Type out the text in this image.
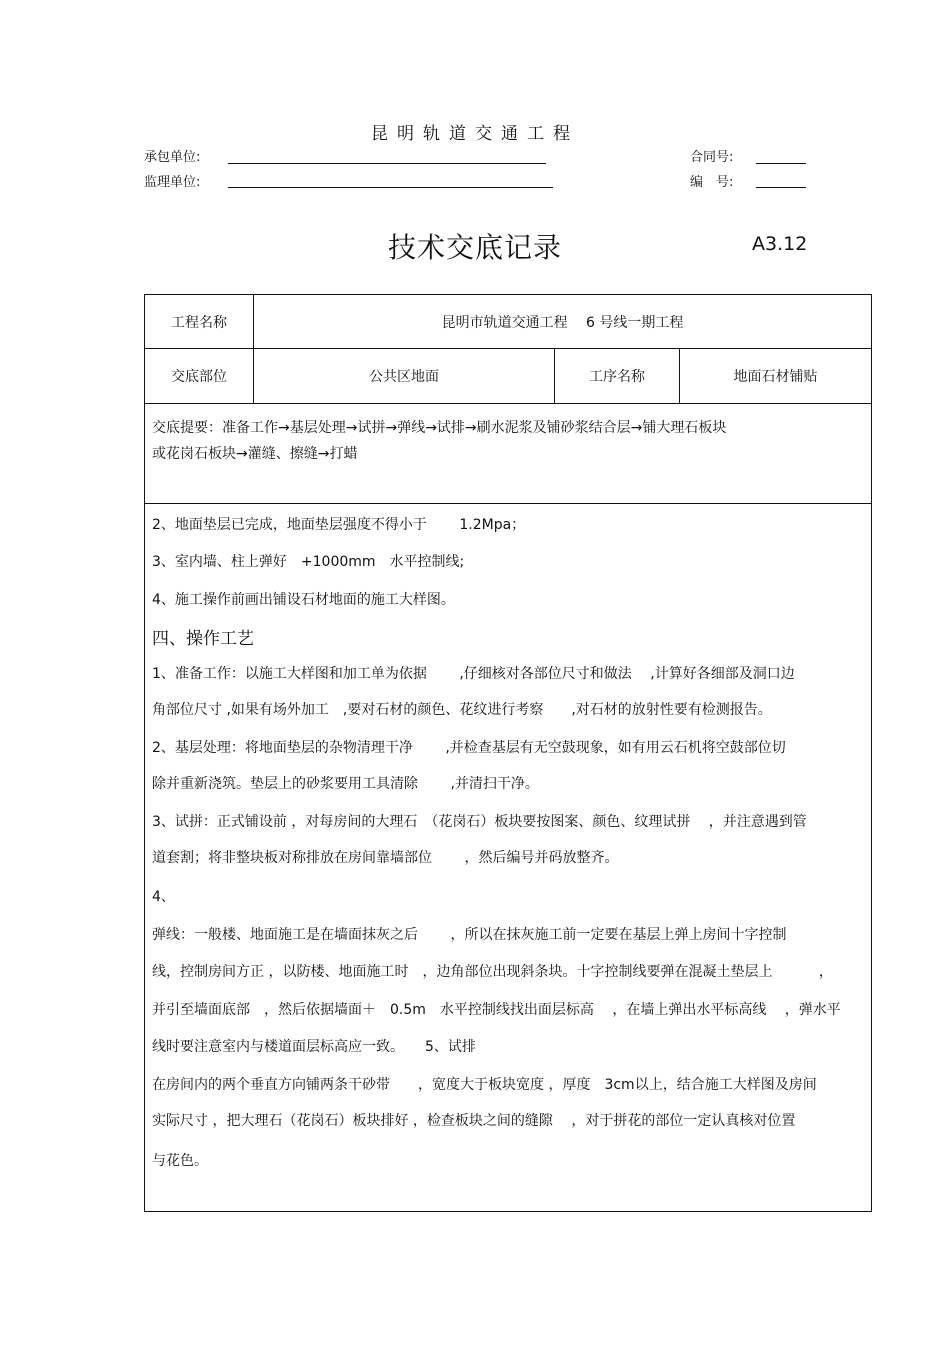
昆明轨道交通工程
承包单位:	合同号:
监理单位:	编　号:
技术交底记录	A3.12
工程名称	昆明市轨道交通工程　 6 号线一期工程		
交底部位	公共区地面	工序名称	地面石材铺贴
交底提要：准备工作→基层处理→试拼→弹线→试排→刷水泥浆及铺砂浆结合层→铺大理石板块
或花岗石板块→灌缝、擦缝→打蜡
2、地面垫层已完成，地面垫层强度不得小于　　 1.2Mpa；
3、室内墙、柱上弹好　+1000mm　水平控制线;
4、施工操作前画出铺设石材地面的施工大样图。
四、操作工艺
1、准备工作：以施工大样图和加工单为依据　　 ,仔细核对各部位尺寸和做法　 ,计算好各细部及洞口边
角部位尺寸 ,如果有场外加工　,要对石材的颜色、花纹进行考察　　,对石材的放射性要有检测报告。
2、基层处理：将地面垫层的杂物清理干净　　 ,并检查基层有无空鼓现象，如有用云石机将空鼓部位切
除并重新浇筑。垫层上的砂浆要用工具清除　　 ,并清扫干净。
3、试拼：正式铺设前 ，对每房间的大理石　（花岗石）板块要按图案、颜色、纹理试拼　 ，并注意遇到管
道套割；将非整块板对称排放在房间靠墙部位　　 ，然后编号并码放整齐。
4、
弹线：一般楼、地面施工是在墙面抹灰之后　　 ，所以在抹灰施工前一定要在基层上弹上房间十字控制
线，控制房间方正 ，以防楼、地面施工时　，边角部位出现斜条块。十字控制线要弹在混凝土垫层上　　　 ，
并引至墙面底部　，然后依据墙面＋　0.5m　水平控制线找出面层标高　 ，在墙上弹出水平标高线　 ，弹水平
线时要注意室内与楼道面层标高应一致。　　5、试排
在房间内的两个垂直方向铺两条干砂带　　，宽度大于板块宽度 ，厚度　3cm以上，结合施工大样图及房间
实际尺寸 ，把大理石（花岗石）板块排好 ，检查板块之间的缝隙　 ，对于拼花的部位一定认真核对位置
与花色。
